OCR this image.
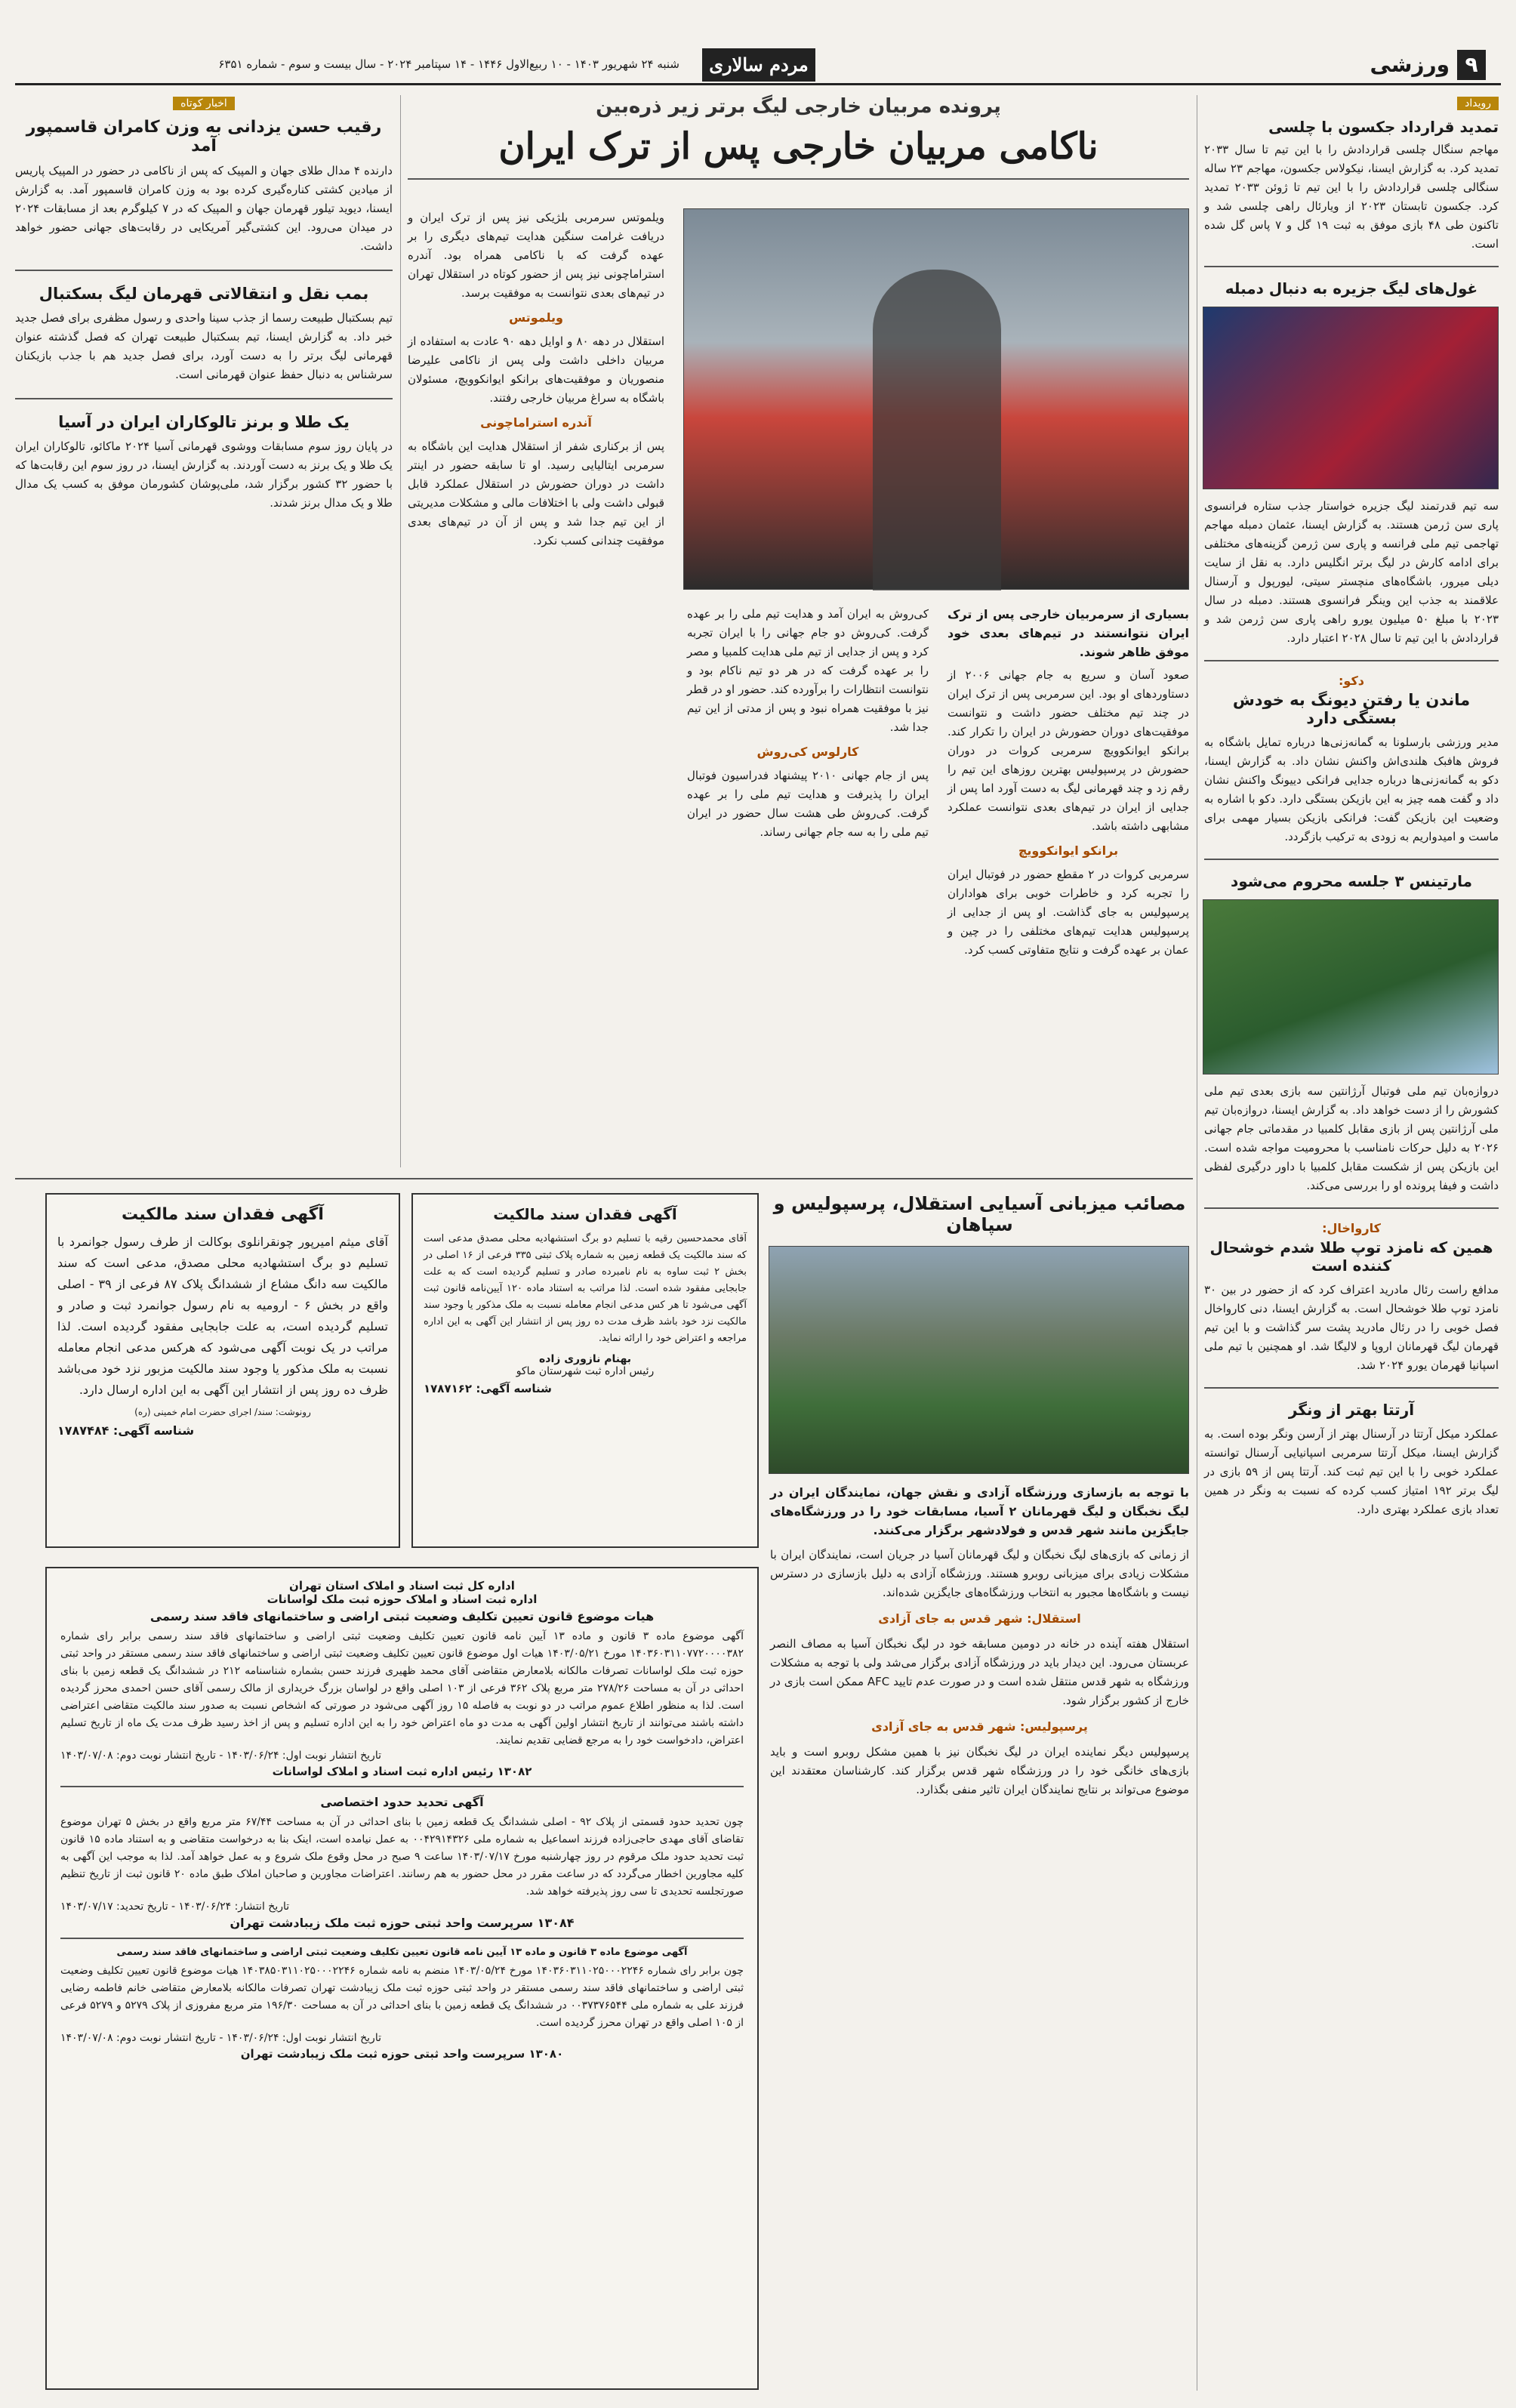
۹
ورزشی
مردم سالاری
شنبه ۲۴ شهریور ۱۴۰۳ - ۱۰ ربیع‌الاول ۱۴۴۶ - ۱۴ سپتامبر ۲۰۲۴ - سال بیست و سوم - شماره ۶۳۵۱
رویداد
تمدید قرارداد جکسون با چلسی

مهاجم سنگال چلسی قراردادش را با این تیم تا سال ۲۰۳۳ تمدید کرد. به گزارش ایسنا، نیکولاس جکسون، مهاجم ۲۳ ساله سنگالی چلسی قراردادش را با این تیم تا ژوئن ۲۰۳۳ تمدید کرد. جکسون تابستان ۲۰۲۳ از ویارئال راهی چلسی شد و تاکنون طی ۴۸ بازی موفق به ثبت ۱۹ گل و ۷ پاس گل شده است.

غول‌های لیگ جزیره به دنبال دمبله

سه تیم قدرتمند لیگ جزیره خواستار جذب ستاره فرانسوی پاری سن ژرمن هستند. به گزارش ایسنا، عثمان دمبله مهاجم تهاجمی تیم ملی فرانسه و پاری سن ژرمن گزینه‌های مختلفی برای ادامه کارش در لیگ برتر انگلیس دارد. به نقل از سایت دیلی میرور، باشگاه‌های منچستر سیتی، لیورپول و آرسنال علاقمند به جذب این وینگر فرانسوی هستند. دمبله در سال ۲۰۲۳ با مبلغ ۵۰ میلیون یورو راهی پاری سن ژرمن شد و قراردادش با این تیم تا سال ۲۰۲۸ اعتبار دارد.

دکو:
ماندن یا رفتن دیونگ به خودش بستگی دارد

مدیر ورزشی بارسلونا به گمانه‌زنی‌ها درباره تمایل باشگاه به فروش هافبک هلندی‌اش واکنش نشان داد. به گزارش ایسنا، دکو به گمانه‌زنی‌ها درباره جدایی فرانکی دییونگ واکنش نشان داد و گفت همه چیز به این بازیکن بستگی دارد. دکو با اشاره به وضعیت این بازیکن گفت: فرانکی بازیکن بسیار مهمی برای ماست و امیدواریم به زودی به ترکیب بازگردد.

مارتینس ۳ جلسه محروم می‌شود

دروازه‌بان تیم ملی فوتبال آرژانتین سه بازی بعدی تیم ملی کشورش را از دست خواهد داد. به گزارش ایسنا، دروازه‌بان تیم ملی آرژانتین پس از بازی مقابل کلمبیا در مقدماتی جام جهانی ۲۰۲۶ به دلیل حرکات نامناسب با محرومیت مواجه شده است. این بازیکن پس از شکست مقابل کلمبیا با داور درگیری لفظی داشت و فیفا پرونده او را بررسی می‌کند.

کارواخال:
همین که نامزد توپ طلا شدم خوشحال کننده است

مدافع راست رئال مادرید اعتراف کرد که از حضور در بین ۳۰ نامزد توپ طلا خوشحال است. به گزارش ایسنا، دنی کارواخال فصل خوبی را در رئال مادرید پشت سر گذاشت و با این تیم قهرمان لیگ قهرمانان اروپا و لالیگا شد. او همچنین با تیم ملی اسپانیا قهرمان یورو ۲۰۲۴ شد.

آرتتا بهتر از ونگر

عملکرد میکل آرتتا در آرسنال بهتر از آرسن ونگر بوده است. به گزارش ایسنا، میکل آرتتا سرمربی اسپانیایی آرسنال توانسته عملکرد خوبی را با این تیم ثبت کند. آرتتا پس از ۵۹ بازی در لیگ برتر ۱۹۲ امتیاز کسب کرده که نسبت به ونگر در همین تعداد بازی عملکرد بهتری دارد.

اخبار کوتاه
رقیب حسن یزدانی به وزن کامران قاسمپور آمد

دارنده ۴ مدال طلای جهان و المپیک که پس از ناکامی در حضور در المپیک پاریس از میادین کشتی کناره‌گیری کرده بود به وزن کامران قاسمپور آمد. به گزارش ایسنا، دیوید تیلور قهرمان جهان و المپیک که در ۷ کیلوگرم بعد از مسابقات ۲۰۲۴ در میدان می‌رود. این کشتی‌گیر آمریکایی در رقابت‌های جهانی حضور خواهد داشت.

بمب نقل و انتقالاتی قهرمان لیگ بسکتبال

تیم بسکتبال طبیعت رسما از جذب سینا واحدی و رسول مظفری برای فصل جدید خبر داد. به گزارش ایسنا، تیم بسکتبال طبیعت تهران که فصل گذشته عنوان قهرمانی لیگ برتر را به دست آورد، برای فصل جدید هم با جذب بازیکنان سرشناس به دنبال حفظ عنوان قهرمانی است.

یک طلا و برنز تالوکاران ایران در آسیا

در پایان روز سوم مسابقات ووشوی قهرمانی آسیا ۲۰۲۴ ماکائو، تالوکاران ایران یک طلا و یک برنز به دست آوردند. به گزارش ایسنا، در روز سوم این رقابت‌ها که با حضور ۳۲ کشور برگزار شد، ملی‌پوشان کشورمان موفق به کسب یک مدال طلا و یک مدال برنز شدند.

پرونده مربیان خارجی لیگ برتر زیر ذره‌بین
ناکامی مربیان خارجی پس از ترک ایران

ویلموتس سرمربی بلژیکی نیز پس از ترک ایران و دریافت غرامت سنگین هدایت تیم‌های دیگری را بر عهده گرفت که با ناکامی همراه بود. آندره استراماچونی نیز پس از حضور کوتاه در استقلال تهران در تیم‌های بعدی نتوانست به موفقیت برسد.

ویلموتس

استقلال در دهه ۸۰ و اوایل دهه ۹۰ عادت به استفاده از مربیان داخلی داشت ولی پس از ناکامی علیرضا منصوریان و موفقیت‌های برانکو ایوانکوویچ، مسئولان باشگاه به سراغ مربیان خارجی رفتند.

آندره استراماچونی

پس از برکناری شفر از استقلال هدایت این باشگاه به سرمربی ایتالیایی رسید. او تا سابقه حضور در اینتر داشت در دوران حضورش در استقلال عملکرد قابل قبولی داشت ولی با اختلافات مالی و مشکلات مدیریتی از این تیم جدا شد و پس از آن در تیم‌های بعدی موفقیت چندانی کسب نکرد.

بسیاری از سرمربیان خارجی پس از ترک ایران نتوانستند در تیم‌های بعدی خود موفق ظاهر شوند.

صعود آسان و سریع به جام جهانی ۲۰۰۶ از دستاوردهای او بود. این سرمربی پس از ترک ایران در چند تیم مختلف حضور داشت و نتوانست موفقیت‌های دوران حضورش در ایران را تکرار کند. برانکو ایوانکوویچ سرمربی کروات در دوران حضورش در پرسپولیس بهترین روزهای این تیم را رقم زد و چند قهرمانی لیگ به دست آورد اما پس از جدایی از ایران در تیم‌های بعدی نتوانست عملکرد مشابهی داشته باشد.

برانکو ایوانکوویچ

سرمربی کروات در ۲ مقطع حضور در فوتبال ایران را تجربه کرد و خاطرات خوبی برای هواداران پرسپولیس به جای گذاشت. او پس از جدایی از پرسپولیس هدایت تیم‌های مختلفی را در چین و عمان بر عهده گرفت و نتایج متفاوتی کسب کرد.

کی‌روش به ایران آمد و هدایت تیم ملی را بر عهده گرفت. کی‌روش دو جام جهانی را با ایران تجربه کرد و پس از جدایی از تیم ملی هدایت کلمبیا و مصر را بر عهده گرفت که در هر دو تیم ناکام بود و نتوانست انتظارات را برآورده کند. حضور او در قطر نیز با موفقیت همراه نبود و پس از مدتی از این تیم جدا شد.

کارلوس کی‌روش

پس از جام جهانی ۲۰۱۰ پیشنهاد فدراسیون فوتبال ایران را پذیرفت و هدایت تیم ملی را بر عهده گرفت. کی‌روش طی هشت سال حضور در ایران تیم ملی را به سه جام جهانی رساند.

مصائب میزبانی آسیایی استقلال، پرسپولیس و سپاهان

با توجه به بازسازی ورزشگاه آزادی و نقش جهان، نمایندگان ایران در لیگ نخبگان و لیگ قهرمانان ۲ آسیا، مسابقات خود را در ورزشگاه‌های جایگزین مانند شهر قدس و فولادشهر برگزار می‌کنند.

از زمانی که بازی‌های لیگ نخبگان و لیگ قهرمانان آسیا در جریان است، نمایندگان ایران با مشکلات زیادی برای میزبانی روبرو هستند. ورزشگاه آزادی به دلیل بازسازی در دسترس نیست و باشگاه‌ها مجبور به انتخاب ورزشگاه‌های جایگزین شده‌اند.

استقلال: شهر قدس به جای آزادی

استقلال هفته آینده در خانه در دومین مسابقه خود در لیگ نخبگان آسیا به مصاف النصر عربستان می‌رود. این دیدار باید در ورزشگاه آزادی برگزار می‌شد ولی با توجه به مشکلات ورزشگاه به شهر قدس منتقل شده است و در صورت عدم تایید AFC ممکن است بازی در خارج از کشور برگزار شود.

پرسپولیس: شهر قدس به جای آزادی

پرسپولیس دیگر نماینده ایران در لیگ نخبگان نیز با همین مشکل روبرو است و باید بازی‌های خانگی خود را در ورزشگاه شهر قدس برگزار کند. کارشناسان معتقدند این موضوع می‌تواند بر نتایج نمایندگان ایران تاثیر منفی بگذارد.

آگهی فقدان سند مالکیت

آقای میثم امیرپور چونقرانلوی بوکالت از طرف رسول جوانمرد با تسلیم دو برگ استشهادیه محلی مصدق، مدعی است که سند مالکیت سه دانگ مشاع از ششدانگ پلاک ۸۷ فرعی از ۳۹ - اصلی واقع در بخش ۶ - ارومیه به نام رسول جوانمرد ثبت و صادر و تسلیم گردیده است، به علت جابجایی مفقود گردیده است. لذا مراتب در یک نوبت آگهی می‌شود که هرکس مدعی انجام معامله نسبت به ملک مذکور یا وجود سند مالکیت مزبور نزد خود می‌باشد ظرف ده روز پس از انتشار این آگهی به این اداره ارسال دارد.

رونوشت: سند/ اجرای حضرت امام خمینی (ره)
شناسه آگهی: ۱۷۸۷۴۸۴
آگهی فقدان سند مالکیت

آقای محمدحسین رقیه با تسلیم دو برگ استشهادیه محلی مصدق مدعی است که سند مالکیت یک قطعه زمین به شماره پلاک ثبتی ۳۳۵ فرعی از ۱۶ اصلی در بخش ۲ ثبت ساوه به نام نامبرده صادر و تسلیم گردیده است که به علت جابجایی مفقود شده است. لذا مراتب به استناد ماده ۱۲۰ آیین‌نامه قانون ثبت آگهی می‌شود تا هر کس مدعی انجام معامله نسبت به ملک مذکور یا وجود سند مالکیت نزد خود باشد ظرف مدت ده روز پس از انتشار این آگهی به این اداره مراجعه و اعتراض خود را ارائه نماید.

بهنام نازوری زاده
رئیس اداره ثبت شهرستان ماکو
شناسه آگهی: ۱۷۸۷۱۶۲
اداره کل ثبت اسناد و املاک استان تهران
اداره ثبت اسناد و املاک حوزه ثبت ملک لواسانات
هیات موضوع قانون تعیین تکلیف وضعیت ثبتی اراضی و ساختمانهای فاقد سند رسمی

آگهی موضوع ماده ۳ قانون و ماده ۱۳ آیین نامه قانون تعیین تکلیف وضعیت ثبتی اراضی و ساختمانهای فاقد سند رسمی برابر رای شماره ۱۴۰۳۶۰۳۱۱۰۷۷۲۰۰۰۰۳۸۲ مورخ ۱۴۰۳/۰۵/۲۱ هیات اول موضوع قانون تعیین تکلیف وضعیت ثبتی اراضی و ساختمانهای فاقد سند رسمی مستقر در واحد ثبتی حوزه ثبت ملک لواسانات تصرفات مالکانه بلامعارض متقاضی آقای محمد ظهیری فرزند حسن بشماره شناسنامه ۲۱۲ در ششدانگ یک قطعه زمین با بنای احداثی در آن به مساحت ۲۷۸/۲۶ متر مربع پلاک ۳۶۲ فرعی از ۱۰۳ اصلی واقع در لواسان بزرگ خریداری از مالک رسمی آقای حسن احمدی محرز گردیده است. لذا به منظور اطلاع عموم مراتب در دو نوبت به فاصله ۱۵ روز آگهی می‌شود در صورتی که اشخاص نسبت به صدور سند مالکیت متقاضی اعتراضی داشته باشند می‌توانند از تاریخ انتشار اولین آگهی به مدت دو ماه اعتراض خود را به این اداره تسلیم و پس از اخذ رسید ظرف مدت یک ماه از تاریخ تسلیم اعتراض، دادخواست خود را به مرجع قضایی تقدیم نمایند.

تاریخ انتشار نوبت اول: ۱۴۰۳/۰۶/۲۴ - تاریخ انتشار نوبت دوم: ۱۴۰۳/۰۷/۰۸
۱۳۰۸۲ رئیس اداره ثبت اسناد و املاک لواسانات
آگهی تحدید حدود اختصاصی

چون تحدید حدود قسمتی از پلاک ۹۲ - اصلی ششدانگ یک قطعه زمین با بنای احداثی در آن به مساحت ۶۷/۴۴ متر مربع واقع در بخش ۵ تهران موضوع تقاضای آقای مهدی حاجی‌زاده فرزند اسماعیل به شماره ملی ۰۰۴۲۹۱۴۳۲۶ به عمل نیامده است، اینک بنا به درخواست متقاضی و به استناد ماده ۱۵ قانون ثبت تحدید حدود ملک مرقوم در روز چهارشنبه مورخ ۱۴۰۳/۰۷/۱۷ ساعت ۹ صبح در محل وقوع ملک شروع و به عمل خواهد آمد. لذا به موجب این آگهی به کلیه مجاورین اخطار می‌گردد که در ساعت مقرر در محل حضور به هم رسانند. اعتراضات مجاورین و صاحبان املاک طبق ماده ۲۰ قانون ثبت از تاریخ تنظیم صورتجلسه تحدیدی تا سی روز پذیرفته خواهد شد.

تاریخ انتشار: ۱۴۰۳/۰۶/۲۴ - تاریخ تحدید: ۱۴۰۳/۰۷/۱۷
۱۳۰۸۴ سرپرست واحد ثبتی حوزه ثبت ملک زیبادشت تهران
آگهی موضوع ماده ۳ قانون و ماده ۱۳ آیین نامه قانون تعیین تکلیف وضعیت ثبتی اراضی و ساختمانهای فاقد سند رسمی

چون برابر رای شماره ۱۴۰۳۶۰۳۱۱۰۲۵۰۰۰۲۲۴۶ مورخ ۱۴۰۳/۰۵/۲۴ منضم به نامه شماره ۱۴۰۳۸۵۰۳۱۱۰۲۵۰۰۰۲۲۴۶ هیات موضوع قانون تعیین تکلیف وضعیت ثبتی اراضی و ساختمانهای فاقد سند رسمی مستقر در واحد ثبتی حوزه ثبت ملک زیبادشت تهران تصرفات مالکانه بلامعارض متقاضی خانم فاطمه رضایی فرزند علی به شماره ملی ۰۰۳۷۳۷۶۵۴۴ در ششدانگ یک قطعه زمین با بنای احداثی در آن به مساحت ۱۹۶/۳۰ متر مربع مفروزی از پلاک ۵۲۷۹ و ۵۲۷۹ فرعی از ۱۰۵ اصلی واقع در تهران محرز گردیده است.

تاریخ انتشار نوبت اول: ۱۴۰۳/۰۶/۲۴ - تاریخ انتشار نوبت دوم: ۱۴۰۳/۰۷/۰۸
۱۳۰۸۰ سرپرست واحد ثبتی حوزه ثبت ملک زیبادشت تهران
